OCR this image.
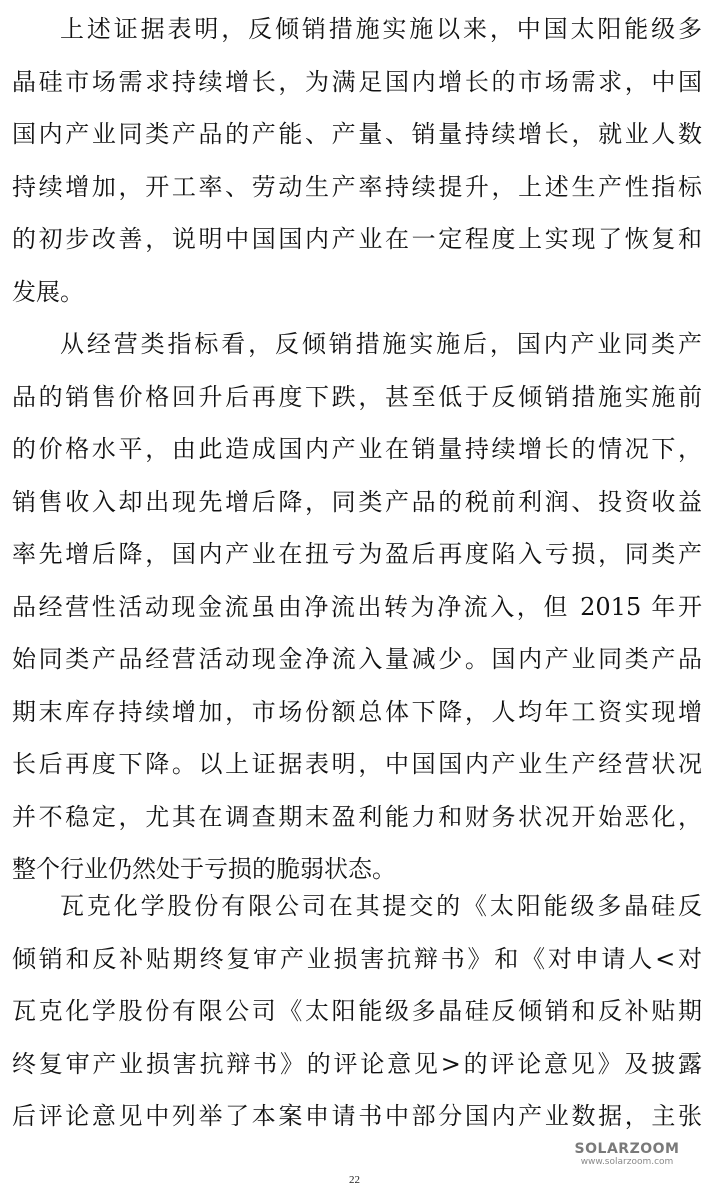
上述证据表明，反倾销措施实施以来，中国太阳能级多
晶硅市场需求持续增长，为满足国内增长的市场需求，中国
国内产业同类产品的产能、产量、销量持续增长，就业人数
持续增加，开工率、劳动生产率持续提升，上述生产性指标
的初步改善，说明中国国内产业在一定程度上实现了恢复和
发展。
从经营类指标看，反倾销措施实施后，国内产业同类产
品的销售价格回升后再度下跌，甚至低于反倾销措施实施前
的价格水平，由此造成国内产业在销量持续增长的情况下，
销售收入却出现先增后降，同类产品的税前利润、投资收益
率先增后降，国内产业在扭亏为盈后再度陷入亏损，同类产
品经营性活动现金流虽由净流出转为净流入，但 2015 年开
始同类产品经营活动现金净流入量减少。国内产业同类产品
期末库存持续增加，市场份额总体下降，人均年工资实现增
长后再度下降。以上证据表明，中国国内产业生产经营状况
并不稳定，尤其在调查期末盈利能力和财务状况开始恶化，
整个行业仍然处于亏损的脆弱状态。
瓦克化学股份有限公司在其提交的《太阳能级多晶硅反
倾销和反补贴期终复审产业损害抗辩书》和《对申请人<对
瓦克化学股份有限公司《太阳能级多晶硅反倾销和反补贴期
终复审产业损害抗辩书》的评论意见>的评论意见》及披露
后评论意见中列举了本案申请书中部分国内产业数据，主张
SOLARZOOM
www.solarzoom.com
22
